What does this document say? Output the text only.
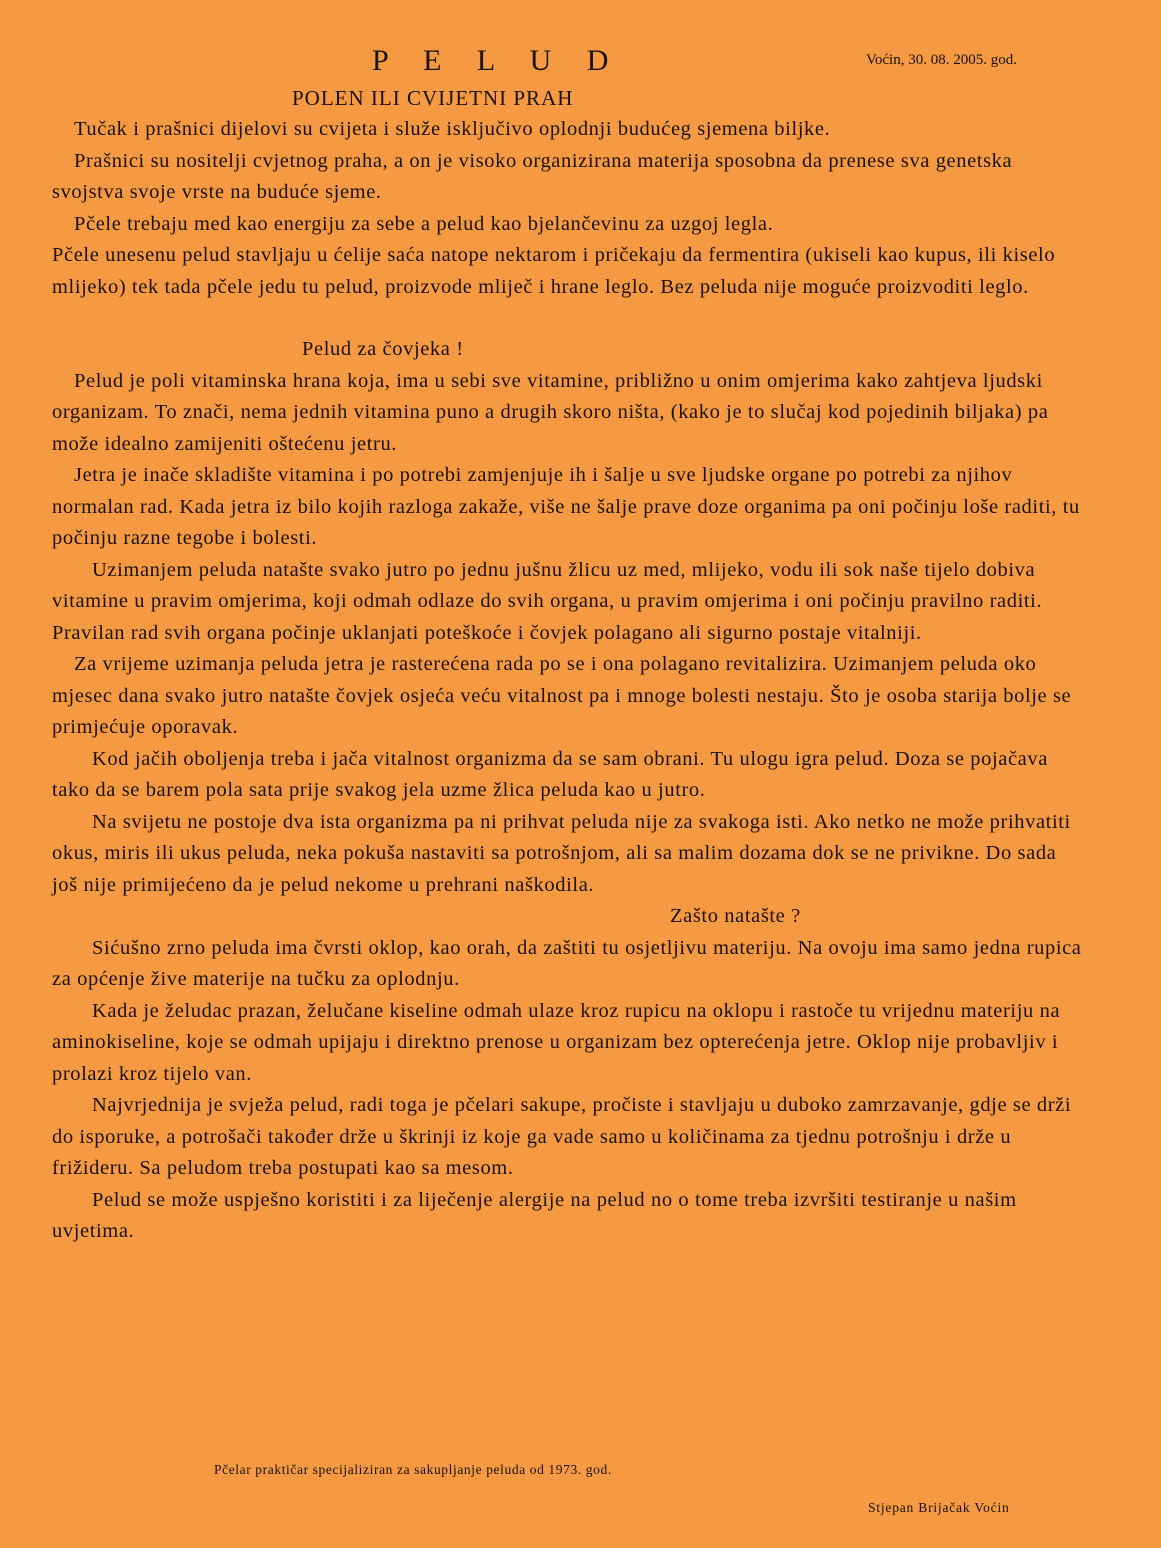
P E L U D	Voćin, 30. 08. 2005. god.
POLEN ILI CVIJETNI PRAH

Tučak i prašnici dijelovi su cvijeta i služe isključivo oplodnji budućeg sjemena biljke.

Prašnici su nositelji cvjetnog praha, a on je visoko organizirana materija sposobna da prenese sva genetska svojstva svoje vrste na buduće sjeme.

Pčele trebaju med kao energiju za sebe a pelud kao bjelančevinu za uzgoj legla.

Pčele unesenu pelud stavljaju u ćelije saća natope nektarom i pričekaju da fermentira (ukiseli kao kupus, ili kiselo mlijeko) tek tada pčele jedu tu pelud, proizvode mliječ i hrane leglo. Bez peluda nije moguće proizvoditi leglo.

Pelud za čovjeka !

Pelud je poli vitaminska hrana koja, ima u sebi sve vitamine, približno u onim omjerima kako zahtjeva ljudski organizam. To znači, nema jednih vitamina puno a drugih skoro ništa, (kako je to slučaj kod pojedinih biljaka) pa može idealno zamijeniti oštećenu jetru.

Jetra je inače skladište vitamina i po potrebi zamjenjuje ih i šalje u sve ljudske organe po potrebi za njihov normalan rad. Kada jetra iz bilo kojih razloga zakaže, više ne šalje prave doze organima pa oni počinju loše raditi, tu počinju razne tegobe i bolesti.

Uzimanjem peluda natašte svako jutro po jednu jušnu žlicu uz med, mlijeko, vodu ili sok naše tijelo dobiva vitamine u pravim omjerima, koji odmah odlaze do svih organa, u pravim omjerima i oni počinju pravilno raditi. Pravilan rad svih organa počinje uklanjati poteškoće i čovjek polagano ali sigurno postaje vitalniji.

Za vrijeme uzimanja peluda jetra je rasterećena rada po se i ona polagano revitalizira. Uzimanjem peluda oko mjesec dana svako jutro natašte čovjek osjeća veću vitalnost pa i mnoge bolesti nestaju. Što je osoba starija bolje se primjećuje oporavak.

Kod jačih oboljenja treba i jača vitalnost organizma da se sam obrani. Tu ulogu igra pelud. Doza se pojačava tako da se barem pola sata prije svakog jela uzme žlica peluda kao u jutro.

Na svijetu ne postoje dva ista organizma pa ni prihvat peluda nije za svakoga isti. Ako netko ne može prihvatiti okus, miris ili ukus peluda, neka pokuša nastaviti sa potrošnjom, ali sa malim dozama dok se ne privikne. Do sada još nije primijećeno da je pelud nekome u prehrani naškodila.

Zašto natašte ?

Sićušno zrno peluda ima čvrsti oklop, kao orah, da zaštiti tu osjetljivu materiju. Na ovoju ima samo jedna rupica za općenje žive materije na tučku za oplodnju.

Kada je želudac prazan, želučane kiseline odmah ulaze kroz rupicu na oklopu i rastoče tu vrijednu materiju na aminokiseline, koje se odmah upijaju i direktno prenose u organizam bez opterećenja jetre. Oklop nije probavljiv i prolazi kroz tijelo van.

Najvrjednija je svježa pelud, radi toga je pčelari sakupe, pročiste i stavljaju u duboko zamrzavanje, gdje se drži do isporuke, a potrošači također drže u škrinji iz koje ga vade samo u količinama za tjednu potrošnju i drže u frižideru. Sa peludom treba postupati kao sa mesom.

Pelud se može uspješno koristiti i za liječenje alergije na pelud no o tome treba izvršiti testiranje u našim uvjetima.

Pčelar praktičar specijaliziran za sakupljanje peluda od 1973. god.
Stjepan Brijačak Voćin
